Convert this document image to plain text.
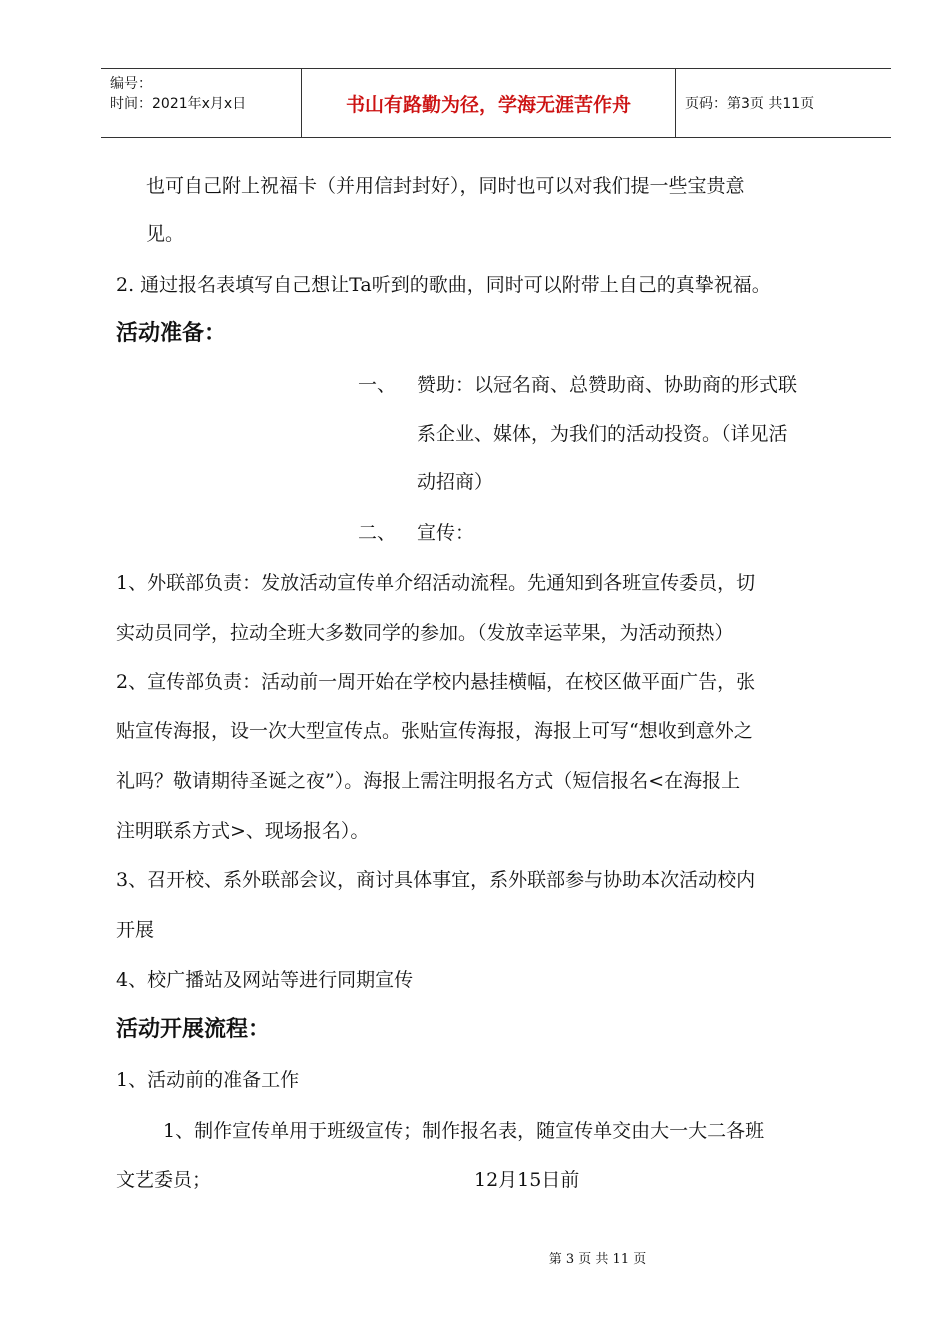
编号：
时间：2021年x月x日	书山有路勤为径，学海无涯苦作舟	页码：第3页 共11页
也可自己附上祝福卡（并用信封封好），同时也可以对我们提一些宝贵意
见。
2. 通过报名表填写自己想让Ta听到的歌曲，同时可以附带上自己的真挚祝福。
活动准备：
一、 赞助：以冠名商、总赞助商、协助商的形式联
系企业、媒体，为我们的活动投资。（详见活
动招商）
二、 宣传：
1、外联部负责：发放活动宣传单介绍活动流程。先通知到各班宣传委员，切
实动员同学，拉动全班大多数同学的参加。（发放幸运苹果，为活动预热）
2、宣传部负责：活动前一周开始在学校内悬挂横幅，在校区做平面广告，张
贴宣传海报，设一次大型宣传点。张贴宣传海报，海报上可写“想收到意外之
礼吗？敬请期待圣诞之夜”）。海报上需注明报名方式（短信报名<在海报上
注明联系方式>、现场报名）。
3、召开校、系外联部会议，商讨具体事宜，系外联部参与协助本次活动校内
开展
4、校广播站及网站等进行同期宣传
活动开展流程：
1、活动前的准备工作
1、制作宣传单用于班级宣传；制作报名表，随宣传单交由大一大二各班
文艺委员；	12月15日前
第 3 页 共 11 页
